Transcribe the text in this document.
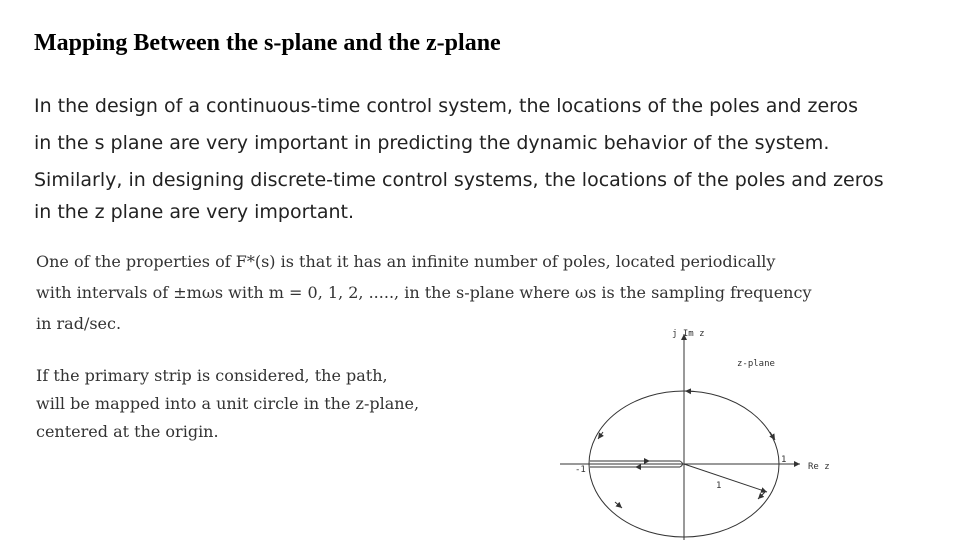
Mapping Between the s-plane and the z-plane
In the design of a continuous-time control system, the locations of the poles and zeros
in the s plane are very important in predicting the dynamic behavior of the system.
Similarly, in designing discrete-time control systems, the locations of the poles and zeros
in the z plane are very important.
One of the properties of F*(s) is that it has an infinite number of poles, located periodically
with intervals of ±mωs with m = 0, 1, 2, ....., in the s-plane where ωs is the sampling frequency
in rad/sec.
If the primary strip is considered, the path,
will be mapped into a unit circle in the z-plane,
centered at the origin.
j Im z
z-plane
Re z
-1
1
1
